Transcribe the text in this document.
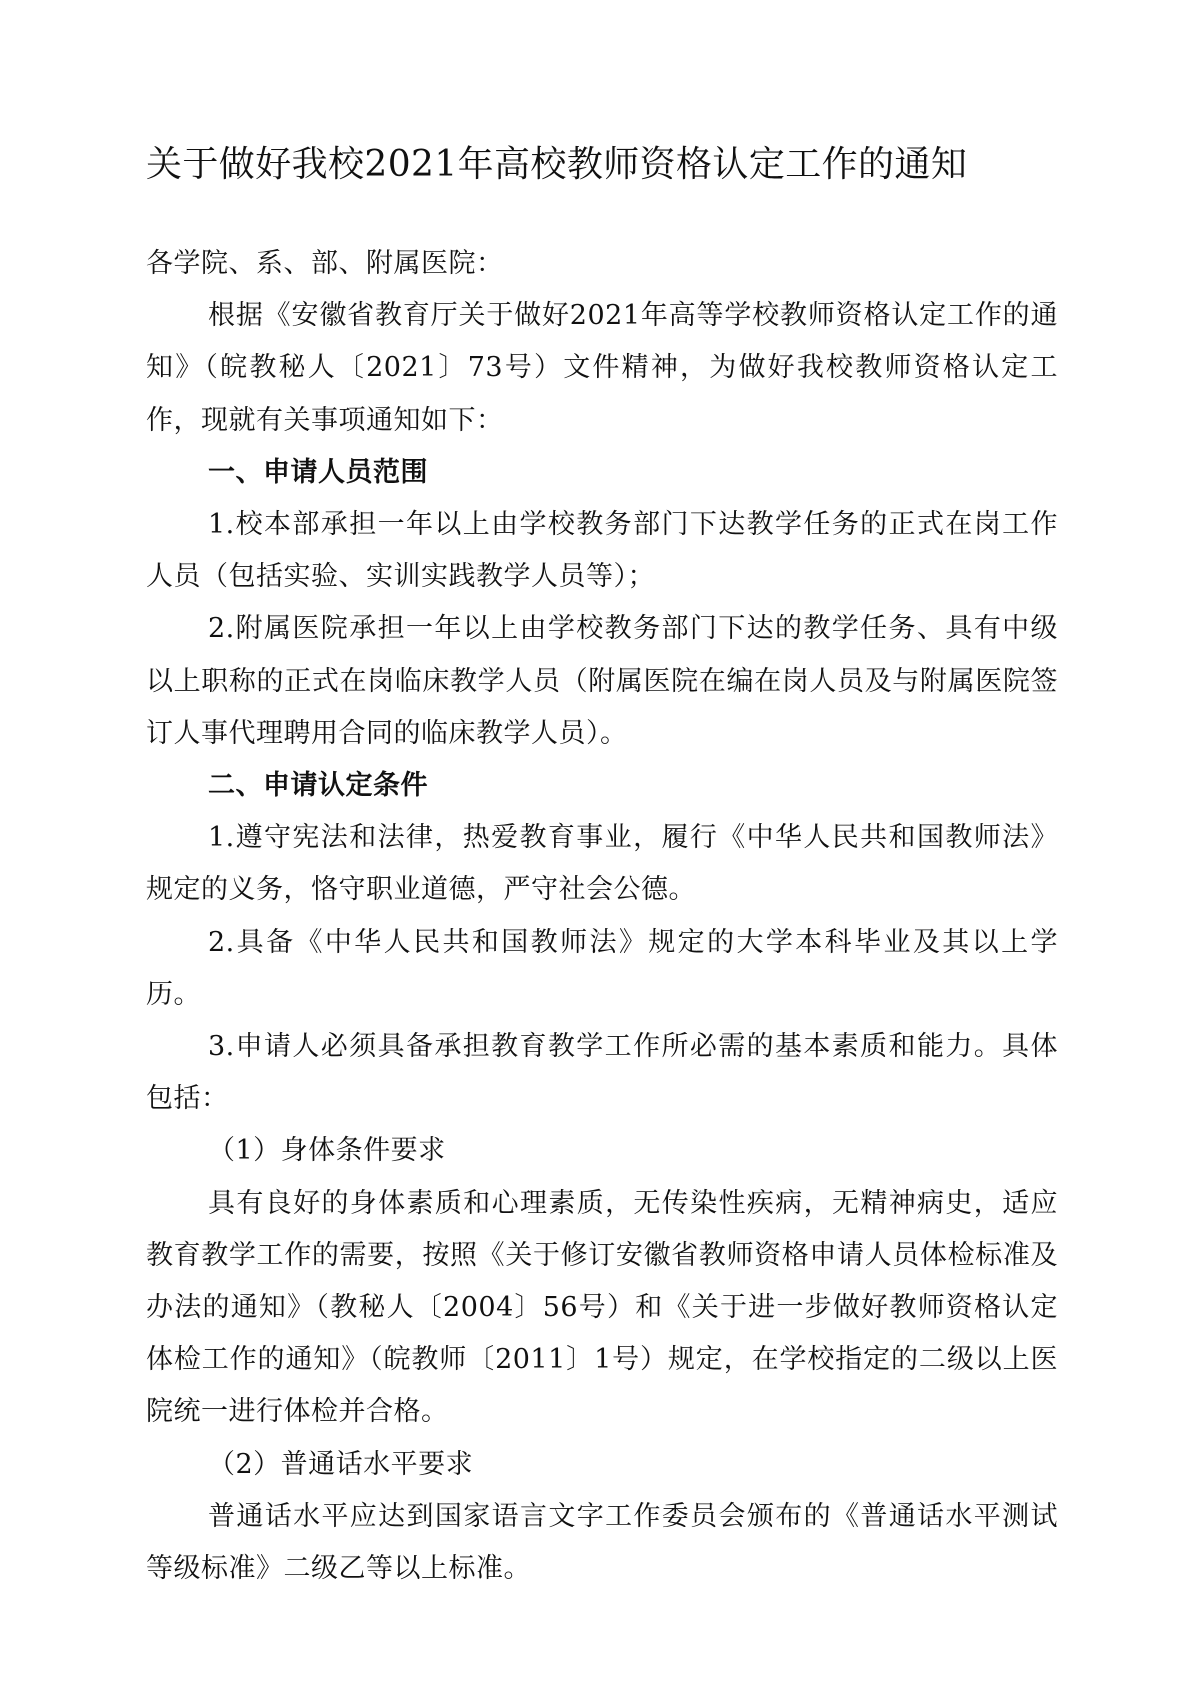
关于做好我校2021年高校教师资格认定工作的通知

各学院、系、部、附属医院：

根据《安徽省教育厅关于做好2021年高等学校教师资格认定工作的通知》（皖教秘人〔2021〕73号）文件精神，为做好我校教师资格认定工作，现就有关事项通知如下：

一、申请人员范围

1.校本部承担一年以上由学校教务部门下达教学任务的正式在岗工作人员（包括实验、实训实践教学人员等）；

2.附属医院承担一年以上由学校教务部门下达的教学任务、具有中级以上职称的正式在岗临床教学人员（附属医院在编在岗人员及与附属医院签订人事代理聘用合同的临床教学人员）。

二、申请认定条件

1.遵守宪法和法律，热爱教育事业，履行《中华人民共和国教师法》规定的义务，恪守职业道德，严守社会公德。

2.具备《中华人民共和国教师法》规定的大学本科毕业及其以上学历。

3.申请人必须具备承担教育教学工作所必需的基本素质和能力。具体包括：

（1）身体条件要求

具有良好的身体素质和心理素质，无传染性疾病，无精神病史，适应教育教学工作的需要，按照《关于修订安徽省教师资格申请人员体检标准及办法的通知》（教秘人〔2004〕56号）和《关于进一步做好教师资格认定体检工作的通知》（皖教师〔2011〕1号）规定，在学校指定的二级以上医院统一进行体检并合格。

（2）普通话水平要求

普通话水平应达到国家语言文字工作委员会颁布的《普通话水平测试等级标准》二级乙等以上标准。
